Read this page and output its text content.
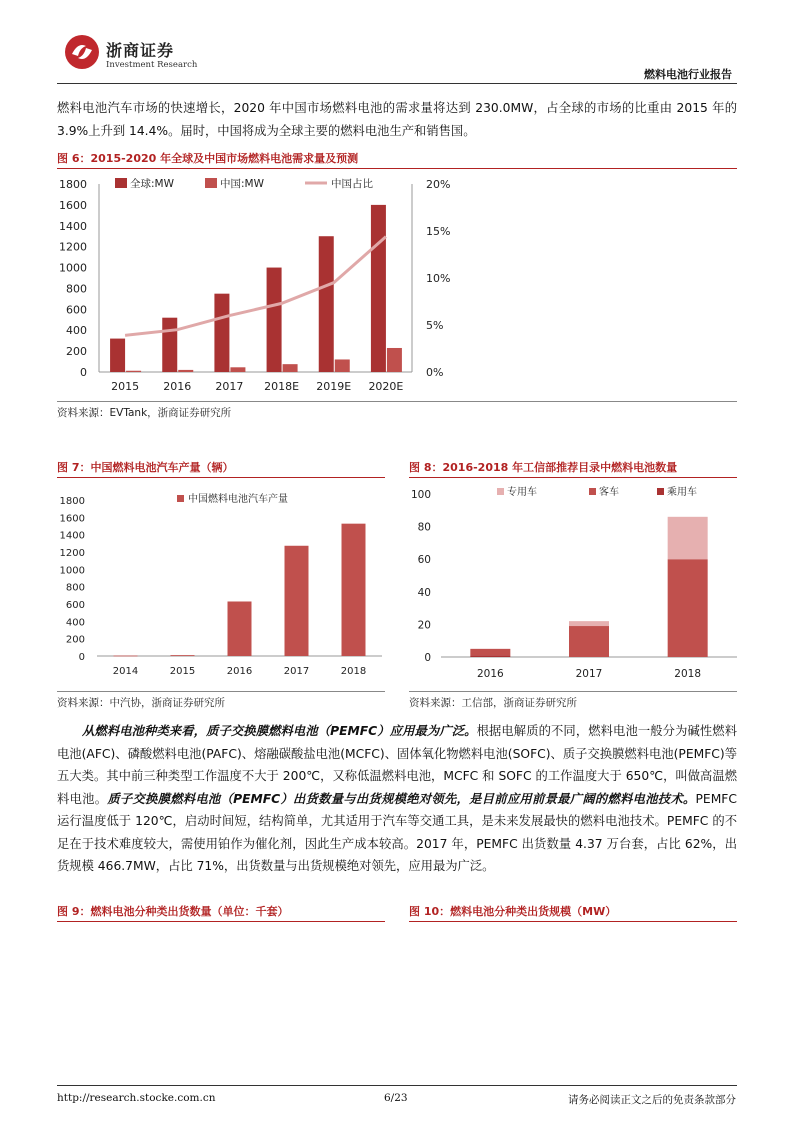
浙商证券
Investment Research
燃料电池行业报告
燃料电池汽车市场的快速增长，2020 年中国市场燃料电池的需求量将达到 230.0MW，占全球的市场的比重由 2015 年的 3.9%上升到 14.4%。届时，中国将成为全球主要的燃料电池生产和销售国。
图 6：2015-2020 年全球及中国市场燃料电池需求量及预测
0
200
400
600
800
1000
1200
1400
1600
1800
0%
5%
10%
15%
20%
2015 2016 2017 2018E 2019E 2020E
全球:MW	中国:MW	中国占比
资料来源：EVTank，浙商证券研究所
图 7：中国燃料电池汽车产量（辆）
0
200
400
600
800
1000
1200
1400
1600
1800
2014	2015	2016	2017	2018
中国燃料电池汽车产量
资料来源：中汽协，浙商证券研究所
图 8：2016-2018 年工信部推荐目录中燃料电池数量
0
20
40
60
80
100
2016	2017	2018
专用车	客车	乘用车
资料来源：工信部，浙商证券研究所
从燃料电池种类来看，质子交换膜燃料电池（PEMFC）应用最为广泛。根据电解质的不同，燃料电池一般分为碱性燃料电池(AFC)、磷酸燃料电池(PAFC)、熔融碳酸盐电池(MCFC)、固体氧化物燃料电池(SOFC)、质子交换膜燃料电池(PEMFC)等五大类。其中前三种类型工作温度不大于 200℃，又称低温燃料电池，MCFC 和 SOFC 的工作温度大于 650℃，叫做高温燃料电池。质子交换膜燃料电池（PEMFC）出货数量与出货规模绝对领先，是目前应用前景最广阔的燃料电池技术。PEMFC 运行温度低于 120℃，启动时间短，结构简单，尤其适用于汽车等交通工具，是未来发展最快的燃料电池技术。PEMFC 的不足在于技术难度较大，需使用铂作为催化剂，因此生产成本较高。2017 年，PEMFC 出货数量 4.37 万台套，占比 62%，出货规模 466.7MW，占比 71%，出货数量与出货规模绝对领先，应用最为广泛。
图 9：燃料电池分种类出货数量（单位：千套）	图 10：燃料电池分种类出货规模（MW）
http://research.stocke.com.cn	6/23	请务必阅读正文之后的免责条款部分
